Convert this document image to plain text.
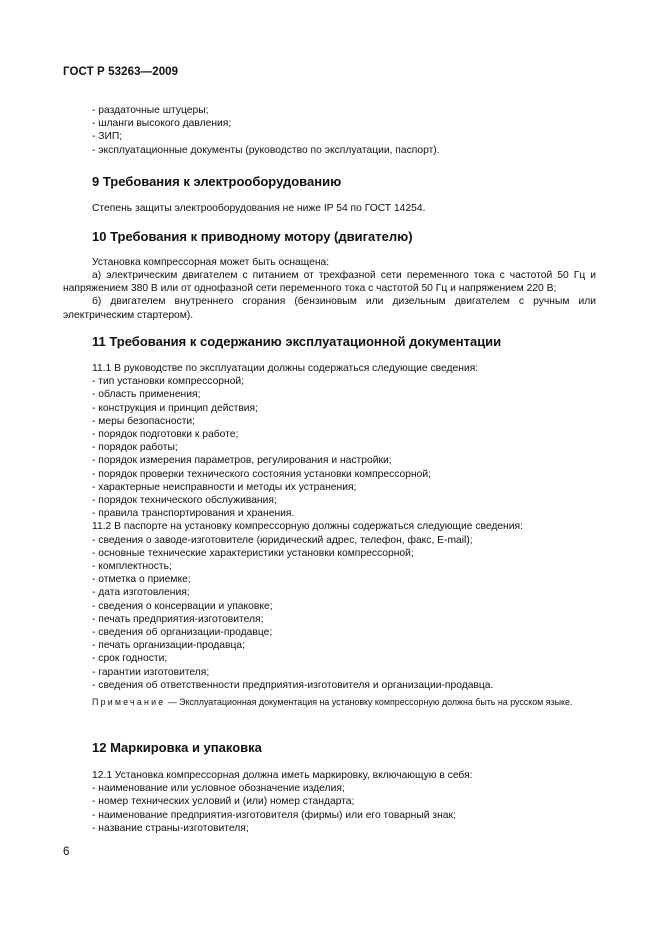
ГОСТ Р 53263—2009
- раздаточные штуцеры;
- шланги высокого давления;
- ЗИП;
- эксплуатационные документы (руководство по эксплуатации, паспорт).
9 Требования к электрооборудованию
Степень защиты электрооборудования не ниже IP 54 по ГОСТ 14254.
10 Требования к приводному мотору (двигателю)
Установка компрессорная может быть оснащена:
а) электрическим двигателем с питанием от трехфазной сети переменного тока с частотой 50 Гц и напряжением 380 В или от однофазной сети переменного тока с частотой 50 Гц и напряжением 220 В;
б) двигателем внутреннего сгорания (бензиновым или дизельным двигателем с ручным или электрическим стартером).
11 Требования к содержанию эксплуатационной документации
11.1 В руководстве по эксплуатации должны содержаться следующие сведения:
- тип установки компрессорной;
- область применения;
- конструкция и принцип действия;
- меры безопасности;
- порядок подготовки к работе;
- порядок работы;
- порядок измерения параметров, регулирования и настройки;
- порядок проверки технического состояния установки компрессорной;
- характерные неисправности и методы их устранения;
- порядок технического обслуживания;
- правила транспортирования и хранения.
11.2 В паспорте на установку компрессорную должны содержаться следующие сведения:
- сведения о заводе-изготовителе (юридический адрес, телефон, факс, E-mail);
- основные технические характеристики установки компрессорной;
- комплектность;
- отметка о приемке;
- дата изготовления;
- сведения о консервации и упаковке;
- печать предприятия-изготовителя;
- сведения об организации-продавце;
- печать организации-продавца;
- срок годности;
- гарантии изготовителя;
- сведения об ответственности предприятия-изготовителя и организации-продавца.
Примечание — Эксплуатационная документация на установку компрессорную должна быть на русском языке.
12 Маркировка и упаковка
12.1 Установка компрессорная должна иметь маркировку, включающую в себя:
- наименование или условное обозначение изделия;
- номер технических условий и (или) номер стандарта;
- наименование предприятия-изготовителя (фирмы) или его товарный знак;
- название страны-изготовителя;
6
